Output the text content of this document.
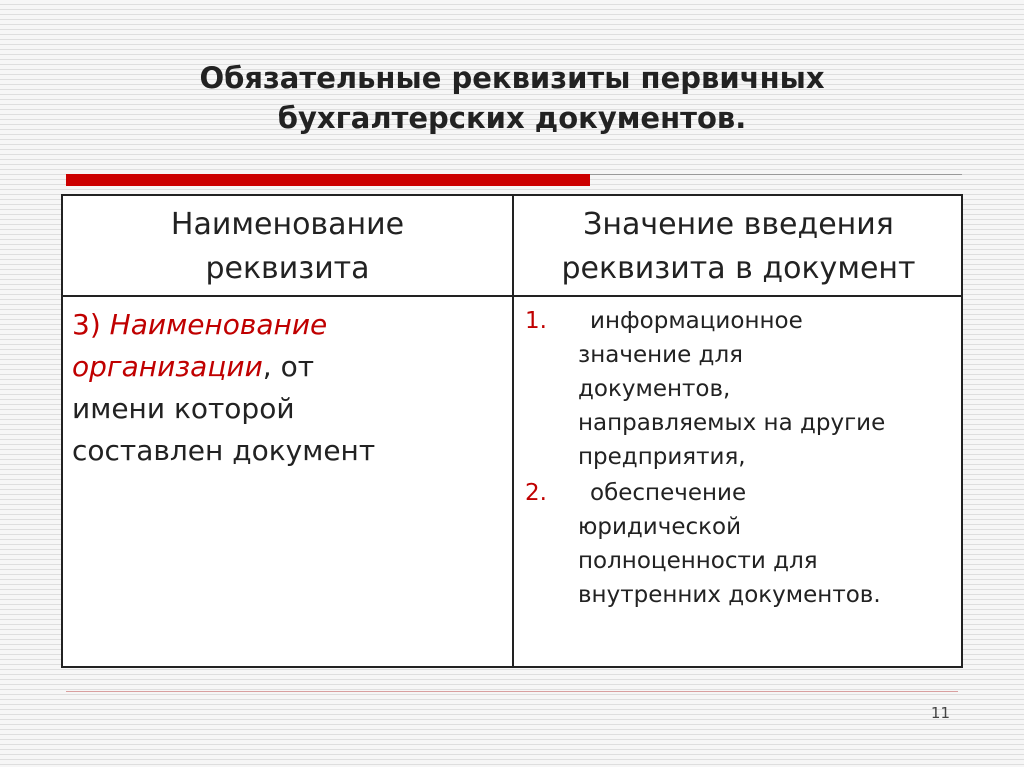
Обязательные реквизиты первичных
бухгалтерских документов.
Наименование
реквизита
Значение введения
реквизита в документ
3) Наименование
организации, от
имени которой
составлен документ
1.	информационное
значение для
документов,
направляемых на другие
предприятия,
2.	обеспечение
юридической
полноценности для
внутренних документов.
11
